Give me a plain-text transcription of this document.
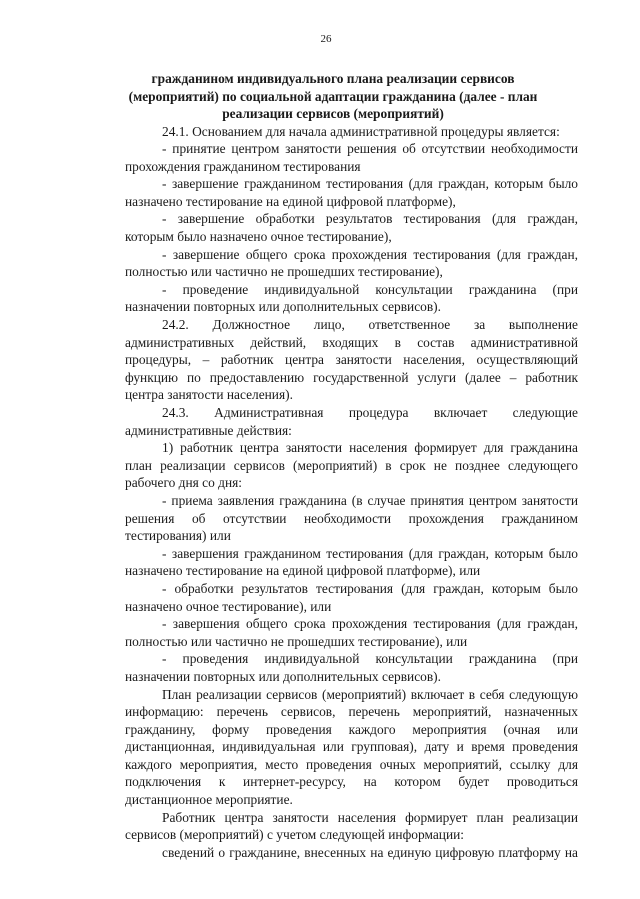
26
гражданином индивидуального плана реализации сервисов
(мероприятий) по социальной адаптации гражданина (далее - план
реализации сервисов (мероприятий)
24.1. Основанием для начала административной процедуры является:
- принятие центром занятости решения об отсутствии необходимости
прохождения гражданином тестирования
- завершение гражданином тестирования (для граждан, которым было
назначено тестирование на единой цифровой платформе),
- завершение обработки результатов тестирования (для граждан,
которым было назначено очное тестирование),
- завершение общего срока прохождения тестирования (для граждан,
полностью или частично не прошедших тестирование),
- проведение индивидуальной консультации гражданина (при
назначении повторных или дополнительных сервисов).
24.2. Должностное лицо, ответственное за выполнение
административных действий, входящих в состав административной
процедуры, – работник центра занятости населения, осуществляющий
функцию по предоставлению государственной услуги (далее – работник
центра занятости населения).
24.3. Административная процедура включает следующие
административные действия:
1) работник центра занятости населения формирует для гражданина
план реализации сервисов (мероприятий) в срок не позднее следующего
рабочего дня со дня:
- приема заявления гражданина (в случае принятия центром занятости
решения об отсутствии необходимости прохождения гражданином
тестирования) или
- завершения гражданином тестирования (для граждан, которым было
назначено тестирование на единой цифровой платформе), или
- обработки результатов тестирования (для граждан, которым было
назначено очное тестирование), или
- завершения общего срока прохождения тестирования (для граждан,
полностью или частично не прошедших тестирование), или
- проведения индивидуальной консультации гражданина (при
назначении повторных или дополнительных сервисов).
План реализации сервисов (мероприятий) включает в себя следующую
информацию: перечень сервисов, перечень мероприятий, назначенных
гражданину, форму проведения каждого мероприятия (очная или
дистанционная, индивидуальная или групповая), дату и время проведения
каждого мероприятия, место проведения очных мероприятий, ссылку для
подключения к интернет-ресурсу, на котором будет проводиться
дистанционное мероприятие.
Работник центра занятости населения формирует план реализации
сервисов (мероприятий) с учетом следующей информации:
сведений о гражданине, внесенных на единую цифровую платформу на
